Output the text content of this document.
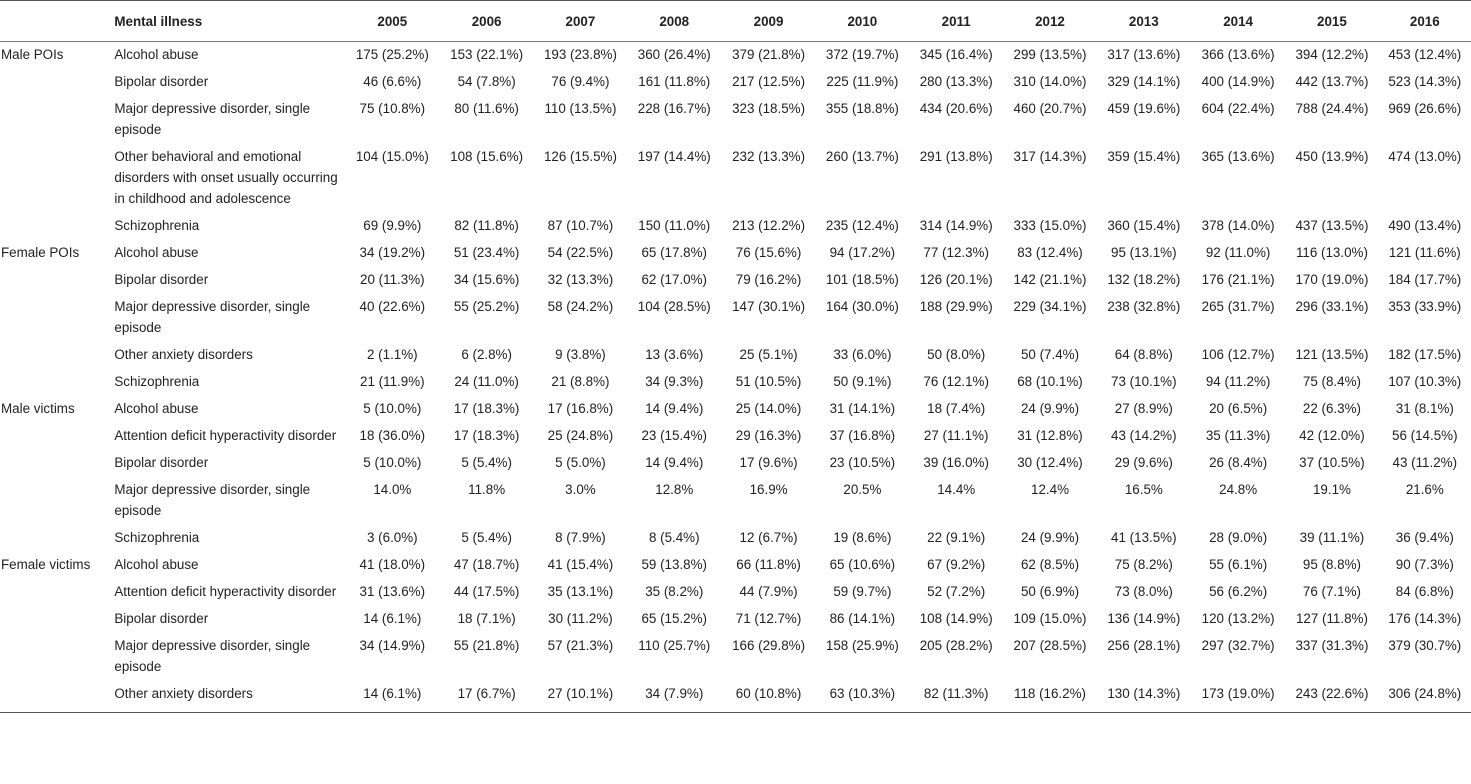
	Mental illness	2005	2006	2007	2008	2009	2010	2011	2012	2013	2014	2015	2016
Male POIs	Alcohol abuse	175 (25.2%)	153 (22.1%)	193 (23.8%)	360 (26.4%)	379 (21.8%)	372 (19.7%)	345 (16.4%)	299 (13.5%)	317 (13.6%)	366 (13.6%)	394 (12.2%)	453 (12.4%)
	Bipolar disorder	46 (6.6%)	54 (7.8%)	76 (9.4%)	161 (11.8%)	217 (12.5%)	225 (11.9%)	280 (13.3%)	310 (14.0%)	329 (14.1%)	400 (14.9%)	442 (13.7%)	523 (14.3%)
	Major depressive disorder, single episode	75 (10.8%)	80 (11.6%)	110 (13.5%)	228 (16.7%)	323 (18.5%)	355 (18.8%)	434 (20.6%)	460 (20.7%)	459 (19.6%)	604 (22.4%)	788 (24.4%)	969 (26.6%)
	Other behavioral and emotional disorders with onset usually occurring in childhood and adolescence	104 (15.0%)	108 (15.6%)	126 (15.5%)	197 (14.4%)	232 (13.3%)	260 (13.7%)	291 (13.8%)	317 (14.3%)	359 (15.4%)	365 (13.6%)	450 (13.9%)	474 (13.0%)
	Schizophrenia	69 (9.9%)	82 (11.8%)	87 (10.7%)	150 (11.0%)	213 (12.2%)	235 (12.4%)	314 (14.9%)	333 (15.0%)	360 (15.4%)	378 (14.0%)	437 (13.5%)	490 (13.4%)
Female POIs	Alcohol abuse	34 (19.2%)	51 (23.4%)	54 (22.5%)	65 (17.8%)	76 (15.6%)	94 (17.2%)	77 (12.3%)	83 (12.4%)	95 (13.1%)	92 (11.0%)	116 (13.0%)	121 (11.6%)
	Bipolar disorder	20 (11.3%)	34 (15.6%)	32 (13.3%)	62 (17.0%)	79 (16.2%)	101 (18.5%)	126 (20.1%)	142 (21.1%)	132 (18.2%)	176 (21.1%)	170 (19.0%)	184 (17.7%)
	Major depressive disorder, single episode	40 (22.6%)	55 (25.2%)	58 (24.2%)	104 (28.5%)	147 (30.1%)	164 (30.0%)	188 (29.9%)	229 (34.1%)	238 (32.8%)	265 (31.7%)	296 (33.1%)	353 (33.9%)
	Other anxiety disorders	2 (1.1%)	6 (2.8%)	9 (3.8%)	13 (3.6%)	25 (5.1%)	33 (6.0%)	50 (8.0%)	50 (7.4%)	64 (8.8%)	106 (12.7%)	121 (13.5%)	182 (17.5%)
	Schizophrenia	21 (11.9%)	24 (11.0%)	21 (8.8%)	34 (9.3%)	51 (10.5%)	50 (9.1%)	76 (12.1%)	68 (10.1%)	73 (10.1%)	94 (11.2%)	75 (8.4%)	107 (10.3%)
Male victims	Alcohol abuse	5 (10.0%)	17 (18.3%)	17 (16.8%)	14 (9.4%)	25 (14.0%)	31 (14.1%)	18 (7.4%)	24 (9.9%)	27 (8.9%)	20 (6.5%)	22 (6.3%)	31 (8.1%)
	Attention deficit hyperactivity disorder	18 (36.0%)	17 (18.3%)	25 (24.8%)	23 (15.4%)	29 (16.3%)	37 (16.8%)	27 (11.1%)	31 (12.8%)	43 (14.2%)	35 (11.3%)	42 (12.0%)	56 (14.5%)
	Bipolar disorder	5 (10.0%)	5 (5.4%)	5 (5.0%)	14 (9.4%)	17 (9.6%)	23 (10.5%)	39 (16.0%)	30 (12.4%)	29 (9.6%)	26 (8.4%)	37 (10.5%)	43 (11.2%)
	Major depressive disorder, single episode	14.0%	11.8%	3.0%	12.8%	16.9%	20.5%	14.4%	12.4%	16.5%	24.8%	19.1%	21.6%
	Schizophrenia	3 (6.0%)	5 (5.4%)	8 (7.9%)	8 (5.4%)	12 (6.7%)	19 (8.6%)	22 (9.1%)	24 (9.9%)	41 (13.5%)	28 (9.0%)	39 (11.1%)	36 (9.4%)
Female victims	Alcohol abuse	41 (18.0%)	47 (18.7%)	41 (15.4%)	59 (13.8%)	66 (11.8%)	65 (10.6%)	67 (9.2%)	62 (8.5%)	75 (8.2%)	55 (6.1%)	95 (8.8%)	90 (7.3%)
	Attention deficit hyperactivity disorder	31 (13.6%)	44 (17.5%)	35 (13.1%)	35 (8.2%)	44 (7.9%)	59 (9.7%)	52 (7.2%)	50 (6.9%)	73 (8.0%)	56 (6.2%)	76 (7.1%)	84 (6.8%)
	Bipolar disorder	14 (6.1%)	18 (7.1%)	30 (11.2%)	65 (15.2%)	71 (12.7%)	86 (14.1%)	108 (14.9%)	109 (15.0%)	136 (14.9%)	120 (13.2%)	127 (11.8%)	176 (14.3%)
	Major depressive disorder, single episode	34 (14.9%)	55 (21.8%)	57 (21.3%)	110 (25.7%)	166 (29.8%)	158 (25.9%)	205 (28.2%)	207 (28.5%)	256 (28.1%)	297 (32.7%)	337 (31.3%)	379 (30.7%)
	Other anxiety disorders	14 (6.1%)	17 (6.7%)	27 (10.1%)	34 (7.9%)	60 (10.8%)	63 (10.3%)	82 (11.3%)	118 (16.2%)	130 (14.3%)	173 (19.0%)	243 (22.6%)	306 (24.8%)
